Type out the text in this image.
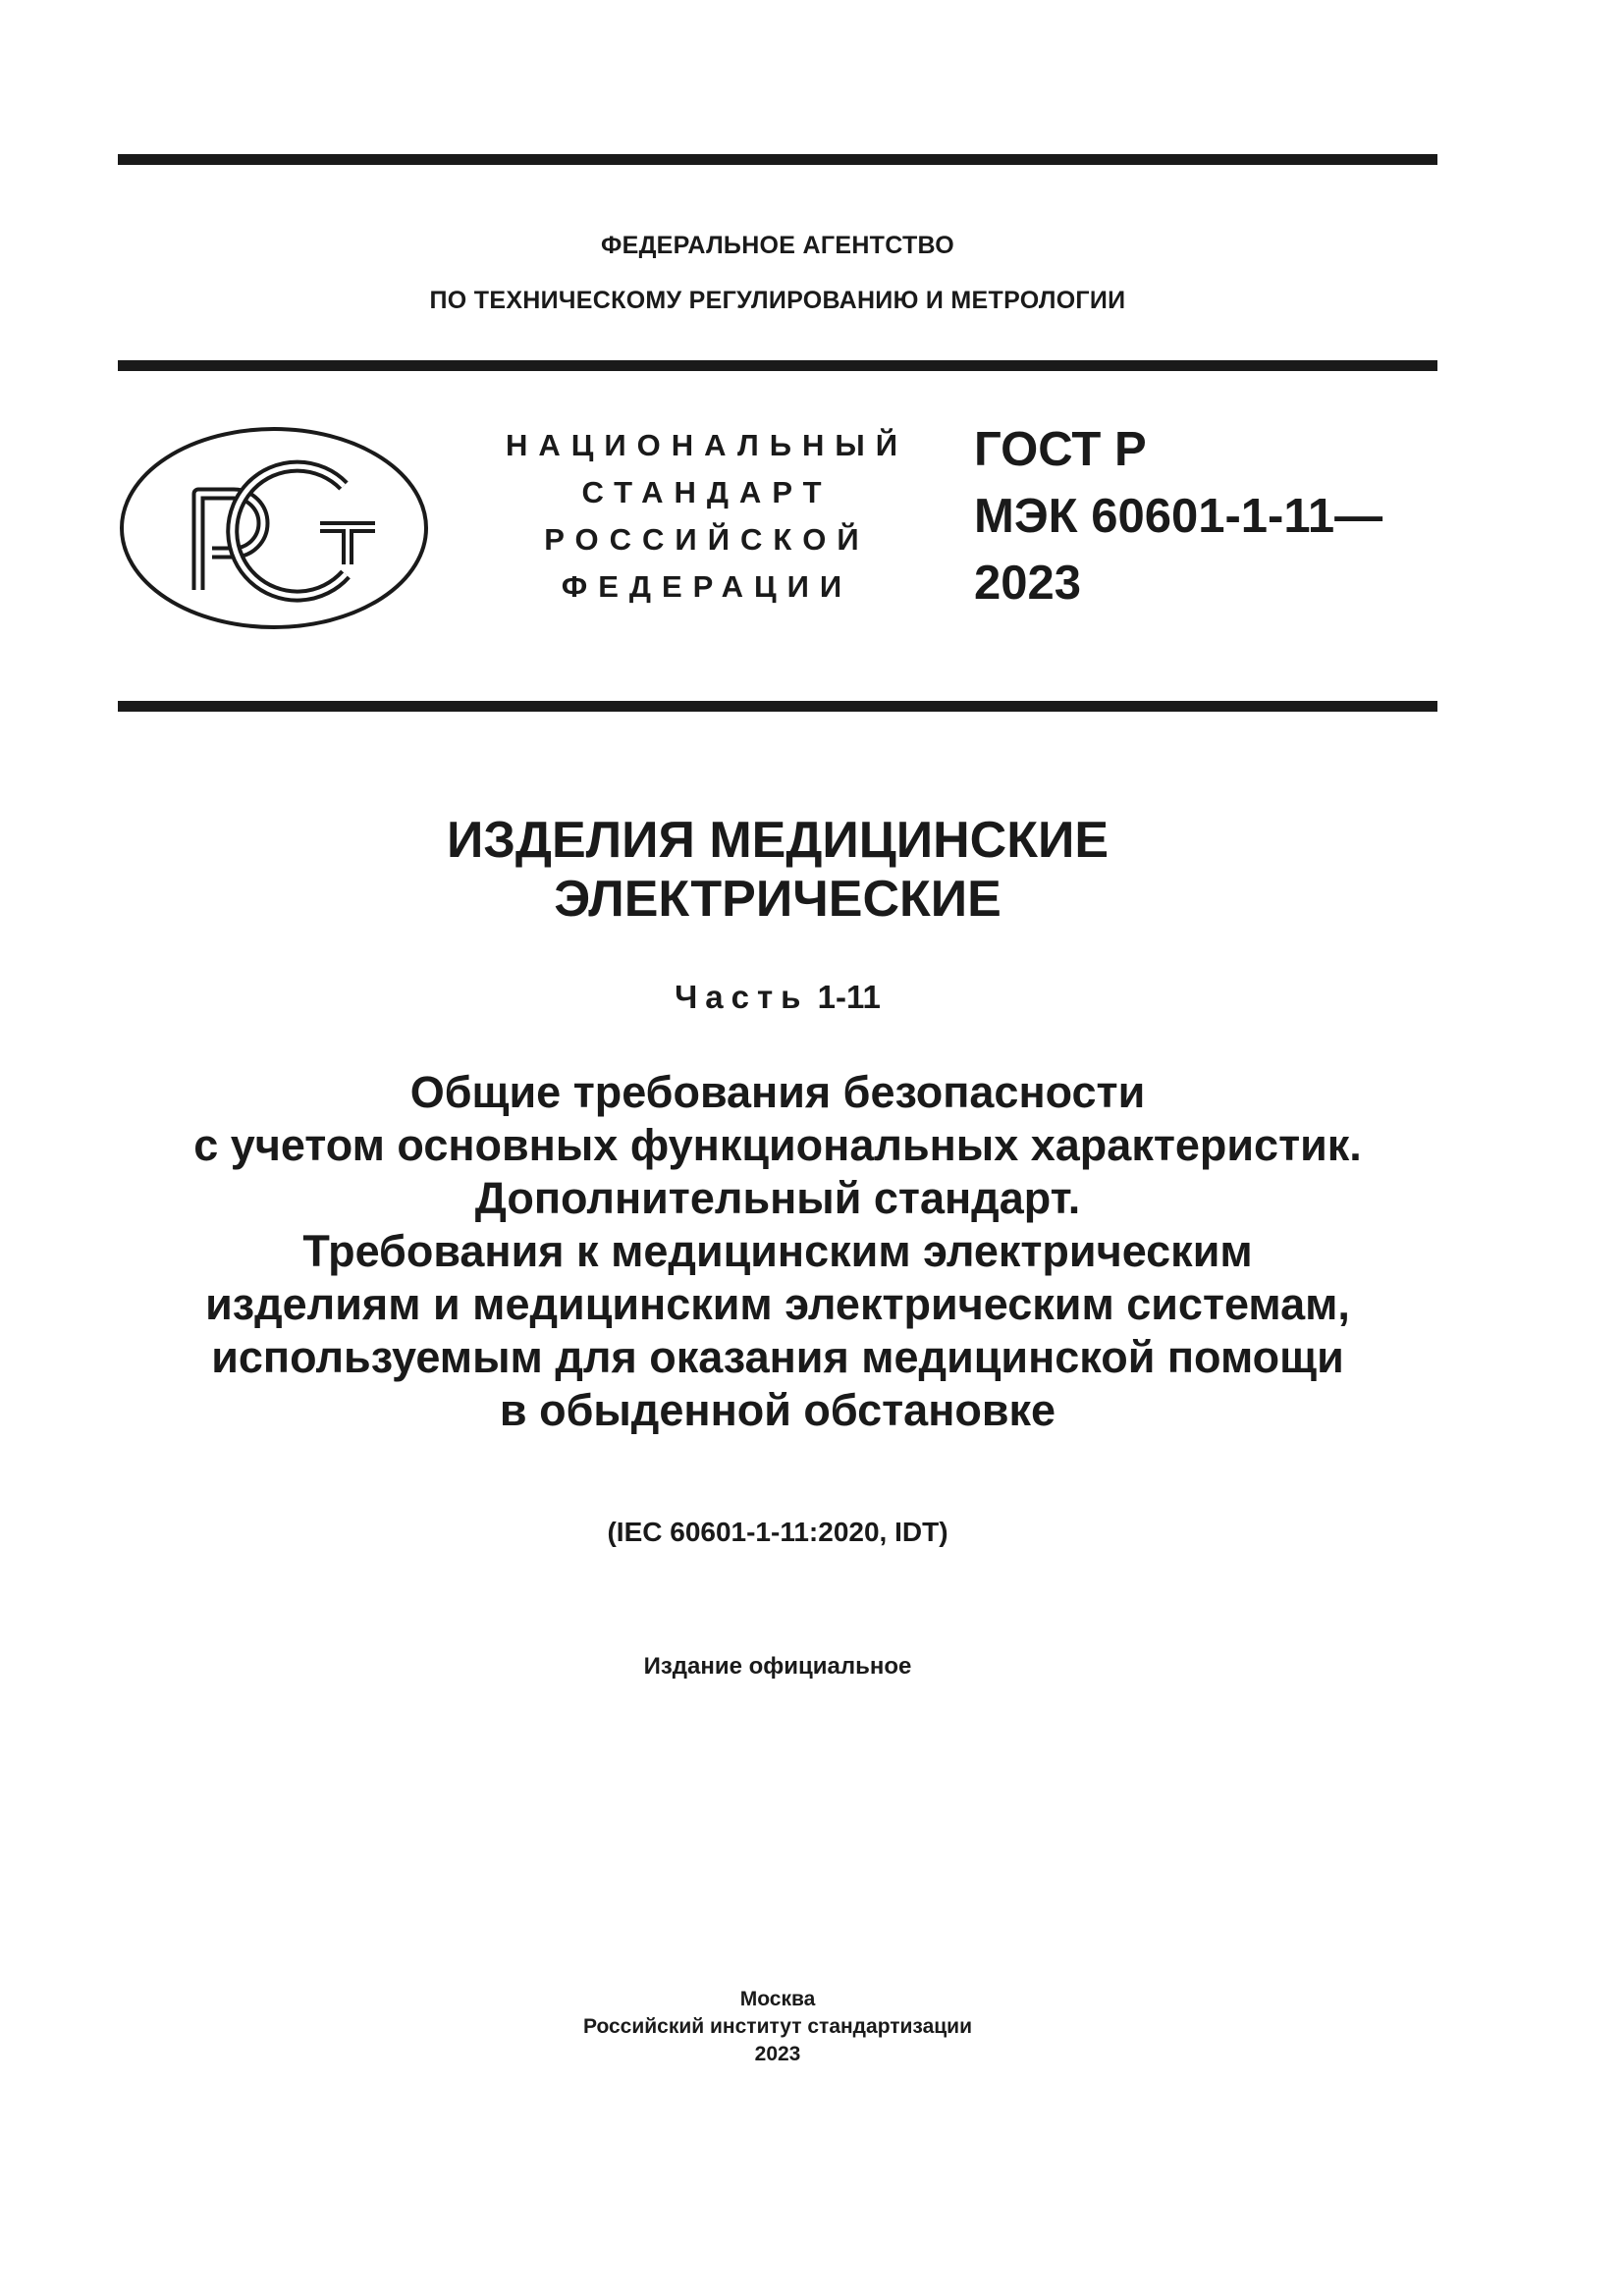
ФЕДЕРАЛЬНОЕ АГЕНТСТВО
ПО ТЕХНИЧЕСКОМУ РЕГУЛИРОВАНИЮ И МЕТРОЛОГИИ
НАЦИОНАЛЬНЫЙ
СТАНДАРТ
РОССИЙСКОЙ
ФЕДЕРАЦИИ
ГОСТ Р
МЭК 60601-1-11—
2023
ИЗДЕЛИЯ МЕДИЦИНСКИЕ
ЭЛЕКТРИЧЕСКИЕ
Часть 1-11
Общие требования безопасности
с учетом основных функциональных характеристик.
Дополнительный стандарт.
Требования к медицинским электрическим
изделиям и медицинским электрическим системам,
используемым для оказания медицинской помощи
в обыденной обстановке
(IEC 60601-1-11:2020, IDT)
Издание официальное
Москва
Российский институт стандартизации
2023
